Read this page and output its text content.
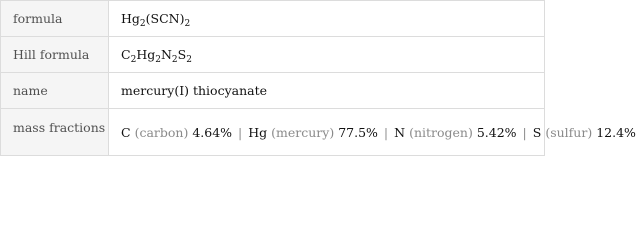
formula	$Hg_2(SCN)_2$
Hill formula	$C_2Hg_2N_2S_2$
name	mercury(I) thiocyanate
mass fractions	C (carbon) 4.64% | Hg (mercury) 77.5% | N (nitrogen) 5.42% | S (sulfur) 12.4%
